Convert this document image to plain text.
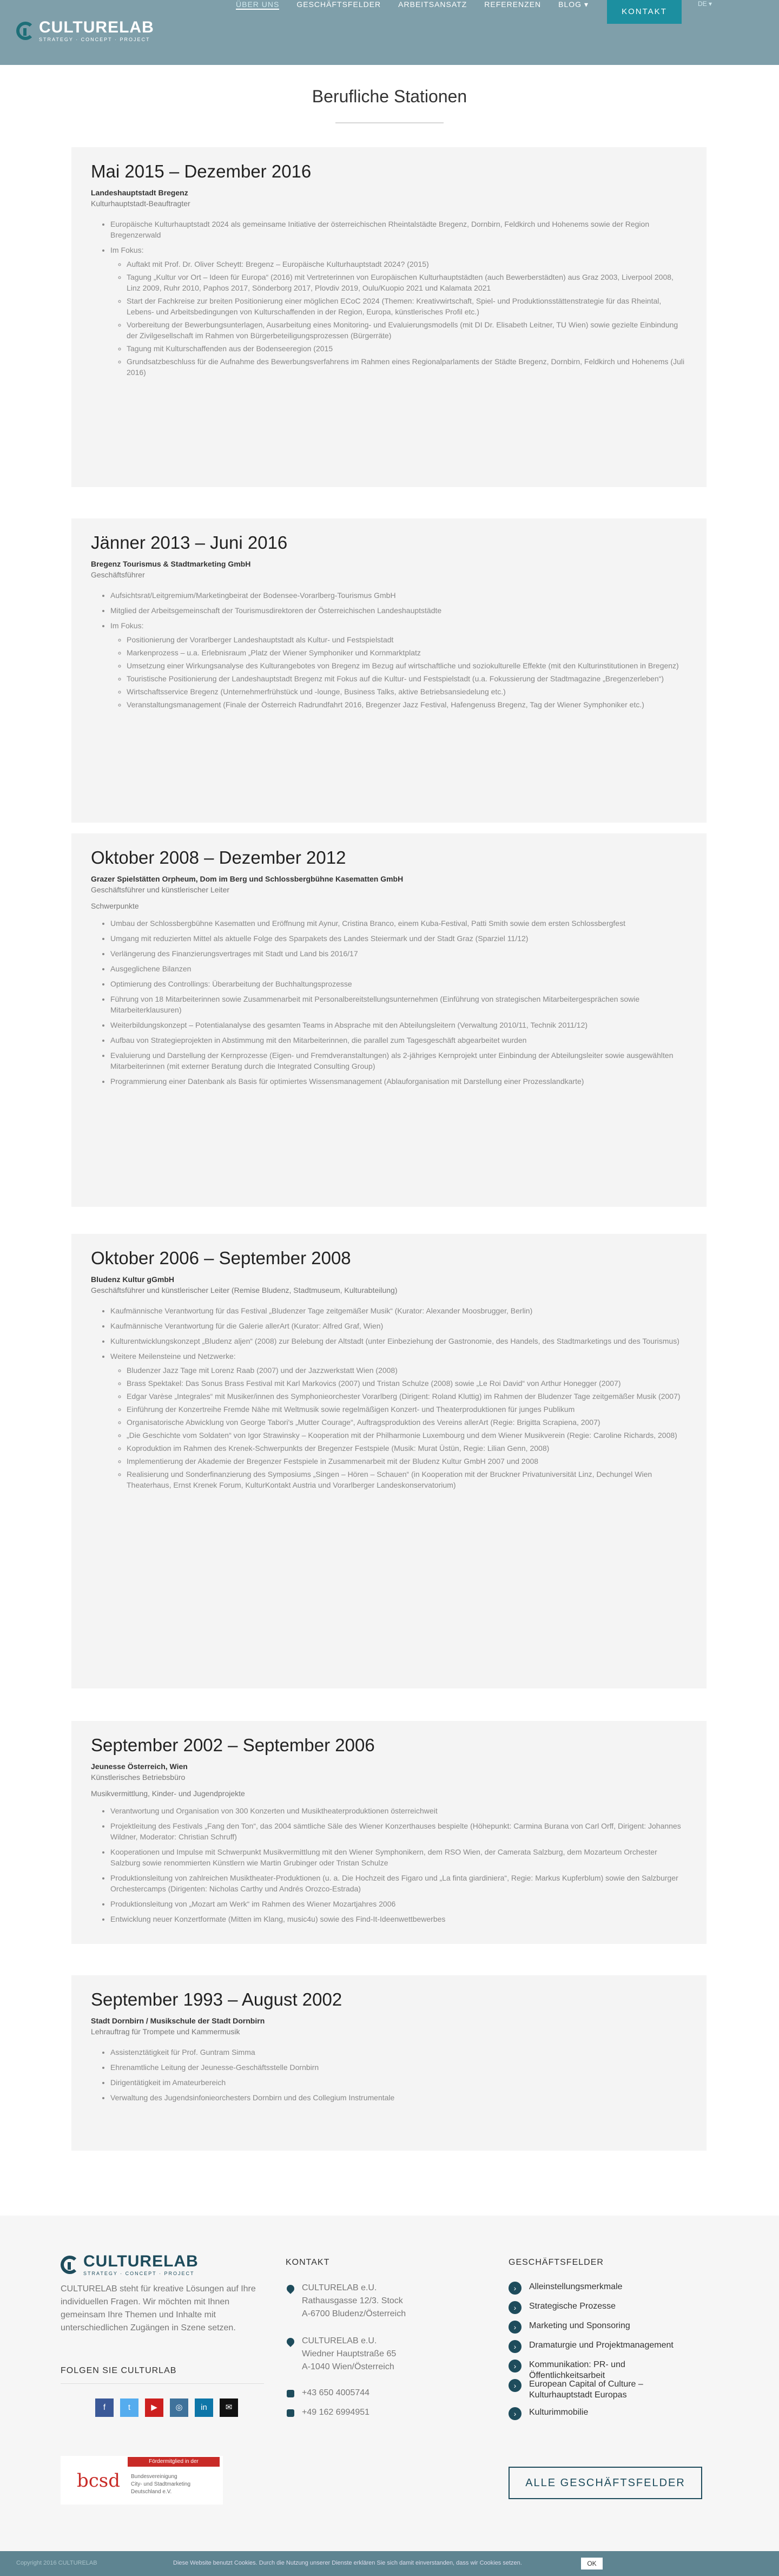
CULTURELAB
STRATEGY · CONCEPT · PROJECT
ÜBER UNS	GESCHÄFTSFELDER	ARBEITSANSATZ	REFERENZEN	BLOG ▾
KONTAKT
DE ▾
Berufliche Stationen
Mai 2015 – Dezember 2016
Landeshauptstadt Bregenz
Kulturhauptstadt-Beauftragter
• Europäische Kulturhauptstadt 2024 als gemeinsame Initiative der österreichischen Rheintalstädte Bregenz, Dornbirn, Feldkirch und Hohenems sowie der Region Bregenzerwald
• Im Fokus:
◦ Auftakt mit Prof. Dr. Oliver Scheytt: Bregenz – Europäische Kulturhauptstadt 2024? (2015)
◦ Tagung „Kultur vor Ort – Ideen für Europa“ (2016) mit Vertreterinnen von Europäischen Kulturhauptstädten (auch Bewerberstädten) aus Graz 2003, Liverpool 2008, Linz 2009, Ruhr 2010, Paphos 2017, Sönderborg 2017, Plovdiv 2019, Oulu/Kuopio 2021 und Kalamata 2021
◦ Start der Fachkreise zur breiten Positionierung einer möglichen ECoC 2024 (Themen: Kreativwirtschaft, Spiel- und Produktionsstättenstrategie für das Rheintal, Lebens- und Arbeitsbedingungen von Kulturschaffenden in der Region, Europa, künstlerisches Profil etc.)
◦ Vorbereitung der Bewerbungsunterlagen, Ausarbeitung eines Monitoring- und Evaluierungsmodells (mit DI Dr. Elisabeth Leitner, TU Wien) sowie gezielte Einbindung der Zivilgesellschaft im Rahmen von Bürgerbeteiligungsprozessen (Bürgerräte)
◦ Tagung mit Kulturschaffenden aus der Bodenseeregion (2015
◦ Grundsatzbeschluss für die Aufnahme des Bewerbungsverfahrens im Rahmen eines Regionalparlaments der Städte Bregenz, Dornbirn, Feldkirch und Hohenems (Juli 2016)
Jänner 2013 – Juni 2016
Bregenz Tourismus & Stadtmarketing GmbH
Geschäftsführer
• Aufsichtsrat/Leitgremium/Marketingbeirat der Bodensee-Vorarlberg-Tourismus GmbH
• Mitglied der Arbeitsgemeinschaft der Tourismusdirektoren der Österreichischen Landeshauptstädte
• Im Fokus:
◦ Positionierung der Vorarlberger Landeshauptstadt als Kultur- und Festspielstadt
◦ Markenprozess – u.a. Erlebnisraum „Platz der Wiener Symphoniker und Kornmarktplatz
◦ Umsetzung einer Wirkungsanalyse des Kulturangebotes von Bregenz im Bezug auf wirtschaftliche und soziokulturelle Effekte (mit den Kulturinstitutionen in Bregenz)
◦ Touristische Positionierung der Landeshauptstadt Bregenz mit Fokus auf die Kultur- und Festspielstadt (u.a. Fokussierung der Stadtmagazine „Bregenzerleben“)
◦ Wirtschaftsservice Bregenz (Unternehmerfrühstück und -lounge, Business Talks, aktive Betriebsansiedelung etc.)
◦ Veranstaltungsmanagement (Finale der Österreich Radrundfahrt 2016, Bregenzer Jazz Festival, Hafengenuss Bregenz, Tag der Wiener Symphoniker etc.)
Oktober 2008 – Dezember 2012
Grazer Spielstätten Orpheum, Dom im Berg und Schlossbergbühne Kasematten GmbH
Geschäftsführer und künstlerischer Leiter
Schwerpunkte
• Umbau der Schlossbergbühne Kasematten und Eröffnung mit Aynur, Cristina Branco, einem Kuba-Festival, Patti Smith sowie dem ersten Schlossbergfest
• Umgang mit reduzierten Mittel als aktuelle Folge des Sparpakets des Landes Steiermark und der Stadt Graz (Sparziel 11/12)
• Verlängerung des Finanzierungsvertrages mit Stadt und Land bis 2016/17
• Ausgeglichene Bilanzen
• Optimierung des Controllings: Überarbeitung der Buchhaltungsprozesse
• Führung von 18 Mitarbeiterinnen sowie Zusammenarbeit mit Personalbereitstellungsunternehmen (Einführung von strategischen Mitarbeitergesprächen sowie Mitarbeiterklausuren)
• Weiterbildungskonzept – Potentialanalyse des gesamten Teams in Absprache mit den Abteilungsleitern (Verwaltung 2010/11, Technik 2011/12)
• Aufbau von Strategieprojekten in Abstimmung mit den Mitarbeiterinnen, die parallel zum Tagesgeschäft abgearbeitet wurden
• Evaluierung und Darstellung der Kernprozesse (Eigen- und Fremdveranstaltungen) als 2-jähriges Kernprojekt unter Einbindung der Abteilungsleiter sowie ausgewählten Mitarbeiterinnen (mit externer Beratung durch die Integrated Consulting Group)
• Programmierung einer Datenbank als Basis für optimiertes Wissensmanagement (Ablauforganisation mit Darstellung einer Prozesslandkarte)
Oktober 2006 – September 2008
Bludenz Kultur gGmbH
Geschäftsführer und künstlerischer Leiter (Remise Bludenz, Stadtmuseum, Kulturabteilung)
• Kaufmännische Verantwortung für das Festival „Bludenzer Tage zeitgemäßer Musik“ (Kurator: Alexander Moosbrugger, Berlin)
• Kaufmännische Verantwortung für die Galerie allerArt (Kurator: Alfred Graf, Wien)
• Kulturentwicklungskonzept „Bludenz aljen“ (2008) zur Belebung der Altstadt (unter Einbeziehung der Gastronomie, des Handels, des Stadtmarketings und des Tourismus)
• Weitere Meilensteine und Netzwerke:
◦ Bludenzer Jazz Tage mit Lorenz Raab (2007) und der Jazzwerkstatt Wien (2008)
◦ Brass Spektakel: Das Sonus Brass Festival mit Karl Markovics (2007) und Tristan Schulze (2008) sowie „Le Roi David“ von Arthur Honegger (2007)
◦ Edgar Varèse „Integrales“ mit Musiker/innen des Symphonieorchester Vorarlberg (Dirigent: Roland Kluttig) im Rahmen der Bludenzer Tage zeitgemäßer Musik (2007)
◦ Einführung der Konzertreihe Fremde Nähe mit Weltmusik sowie regelmäßigen Konzert- und Theaterproduktionen für junges Publikum
◦ Organisatorische Abwicklung von George Tabori's „Mutter Courage“, Auftragsproduktion des Vereins allerArt (Regie: Brigitta Scrapiena, 2007)
◦ „Die Geschichte vom Soldaten“ von Igor Strawinsky – Kooperation mit der Philharmonie Luxembourg und dem Wiener Musikverein (Regie: Caroline Richards, 2008)
◦ Koproduktion im Rahmen des Krenek-Schwerpunkts der Bregenzer Festspiele (Musik: Murat Üstün, Regie: Lilian Genn, 2008)
◦ Implementierung der Akademie der Bregenzer Festspiele in Zusammenarbeit mit der Bludenz Kultur GmbH 2007 und 2008
◦ Realisierung und Sonderfinanzierung des Symposiums „Singen – Hören – Schauen“ (in Kooperation mit der Bruckner Privatuniversität Linz, Dechungel Wien Theaterhaus, Ernst Krenek Forum, KulturKontakt Austria und Vorarlberger Landeskonservatorium)
September 2002 – September 2006
Jeunesse Österreich, Wien
Künstlerisches Betriebsbüro
Musikvermittlung, Kinder- und Jugendprojekte
• Verantwortung und Organisation von 300 Konzerten und Musiktheaterproduktionen österreichweit
• Projektleitung des Festivals „Fang den Ton“, das 2004 sämtliche Säle des Wiener Konzerthauses bespielte (Höhepunkt: Carmina Burana von Carl Orff, Dirigent: Johannes Wildner, Moderator: Christian Schruff)
• Kooperationen und Impulse mit Schwerpunkt Musikvermittlung mit den Wiener Symphonikern, dem RSO Wien, der Camerata Salzburg, dem Mozarteum Orchester Salzburg sowie renommierten Künstlern wie Martin Grubinger oder Tristan Schulze
• Produktionsleitung von zahlreichen Musiktheater-Produktionen (u. a. Die Hochzeit des Figaro und „La finta giardiniera“, Regie: Markus Kupferblum) sowie den Salzburger Orchestercamps (Dirigenten: Nicholas Carthy und Andrés Orozco-Estrada)
• Produktionsleitung von „Mozart am Werk“ im Rahmen des Wiener Mozartjahres 2006
• Entwicklung neuer Konzertformate (Mitten im Klang, music4u) sowie des Find-It-Ideenwettbewerbes
September 1993 – August 2002
Stadt Dornbirn / Musikschule der Stadt Dornbirn
Lehrauftrag für Trompete und Kammermusik
• Assistenztätigkeit für Prof. Guntram Simma
• Ehrenamtliche Leitung der Jeunesse-Geschäftsstelle Dornbirn
• Dirigentätigkeit im Amateurbereich
• Verwaltung des Jugendsinfonieorchesters Dornbirn und des Collegium Instrumentale
CULTURELAB
STRATEGY · CONCEPT · PROJECT
CULTURELAB steht für kreative Lösungen auf Ihre individuellen Fragen. Wir möchten mit Ihnen gemeinsam Ihre Themen und Inhalte mit unterschiedlichen Zugängen in Szene setzen.
FOLGEN SIE CULTURLAB
f	t	▶	◎	in	✉
bcsd
Fördermitglied in der
Bundesvereinigung
City- und Stadtmarketing
Deutschland e.V.
KONTAKT
CULTURELAB e.U.
Rathausgasse 12/3. Stock
A-6700 Bludenz/Österreich
CULTURELAB e.U.
Wiedner Hauptstraße 65
A-1040 Wien/Österreich
+43 650 4005744
+49 162 6994951
GESCHÄFTSFELDER
›	Alleinstellungsmerkmale
›	Strategische Prozesse
›	Marketing und Sponsoring
›	Dramaturgie und Projektmanagement
›	Kommunikation: PR- und Öffentlichkeitsarbeit
›	European Capital of Culture – Kulturhauptstadt Europas
›	Kulturimmobilie
ALLE GESCHÄFTSFELDER
Copyright 2016 CULTURELAB	Diese Website benutzt Cookies. Durch die Nutzung unserer Dienste erklären Sie sich damit einverstanden, dass wir Cookies setzen.	OK
